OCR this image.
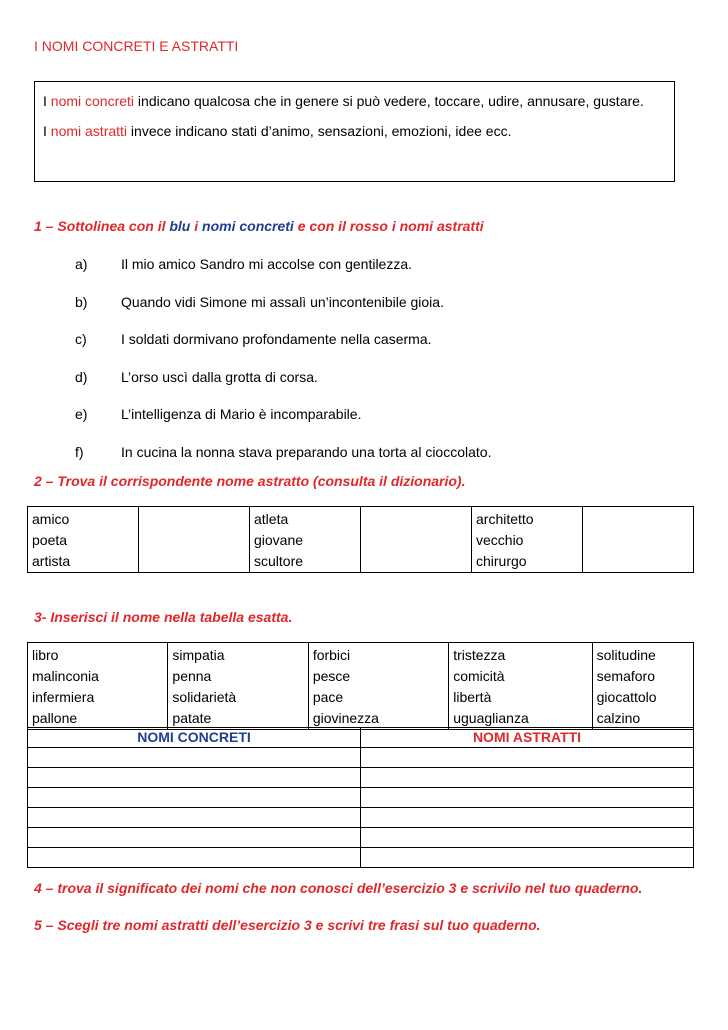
I NOMI CONCRETI E ASTRATTI

I nomi concreti indicano qualcosa che in genere si può vedere, toccare, udire, annusare, gustare.

I nomi astratti invece indicano stati d’animo, sensazioni, emozioni, idee ecc.

1 – Sottolinea con il blu i nomi concreti e con il rosso i nomi astratti
a)	Il mio amico Sandro mi accolse con gentilezza.
b)	Quando vidi Simone mi assalì un’incontenibile gioia.
c)	I soldati dormivano profondamente nella caserma.
d)	L’orso uscì dalla grotta di corsa.
e)	L’intelligenza di Mario è incomparabile.
f)	In cucina la nonna stava preparando una torta al cioccolato.
2 – Trova il corrispondente nome astratto (consulta il dizionario).
amico
poeta
artista

atleta
giovane
scultore

architetto
vecchio
chirurgo

3- Inserisci il nome nella tabella esatta.
libro
malinconia
infermiera
pallone

simpatia
penna
solidarietà
patate

forbici
pesce
pace
giovinezza

tristezza
comicità
libertà
uguaglianza

solitudine
semaforo
giocattolo
calzino
NOMI CONCRETI	NOMI ASTRATTI

4 – trova il significato dei nomi che non conosci dell’esercizio 3 e scrivilo nel tuo quaderno.
5 – Scegli tre nomi astratti dell’esercizio 3 e scrivi tre frasi sul tuo quaderno.
